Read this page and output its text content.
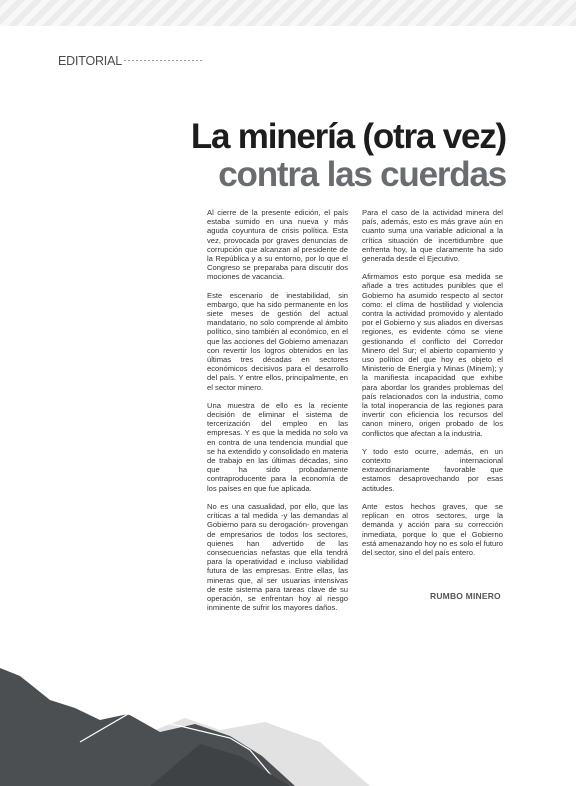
EDITORIAL
La minería (otra vez)
contra las cuerdas

Al cierre de la presente edición, el país estaba sumido en una nueva y más aguda coyuntura de crisis política. Esta vez, provocada por graves denuncias de corrupción que alcanzan al presidente de la República y a su entorno, por lo que el Congreso se preparaba para discutir dos mociones de vacancia.

Este escenario de inestabilidad, sin embargo, que ha sido permanente en los siete meses de gestión del actual mandatario, no solo comprende al ámbito político, sino también al económico, en el que las acciones del Gobierno amenazan con revertir los logros obtenidos en las últimas tres décadas en sectores económicos decisivos para el desarrollo del país. Y entre ellos, principalmente, en el sector minero.

Una muestra de ello es la reciente decisión de eliminar el sistema de tercerización del empleo en las empresas. Y es que la medida no solo va en contra de una tendencia mundial que se ha extendido y consolidado en materia de trabajo en las últimas décadas, sino que ha sido probadamente contraproducente para la economía de los países en que fue aplicada.

No es una casualidad, por ello, que las críticas a tal medida -y las demandas al Gobierno para su derogación- provengan de empresarios de todos los sectores, quienes han advertido de las consecuencias nefastas que ella tendrá para la operatividad e incluso viabilidad futura de las empresas. Entre ellas, las mineras que, al ser usuarias intensivas de este sistema para tareas clave de su operación, se enfrentan hoy al riesgo inminente de sufrir los mayores daños.

Para el caso de la actividad minera del país, además, esto es más grave aún en cuanto suma una variable adicional a la crítica situación de incertidumbre que enfrenta hoy, la que claramente ha sido generada desde el Ejecutivo.

Afirmamos esto porque esa medida se añade a tres actitudes punibles que el Gobierno ha asumido respecto al sector como: el clima de hostilidad y violencia contra la actividad promovido y alentado por el Gobierno y sus aliados en diversas regiones, es evidente cómo se viene gestionando el conflicto del Corredor Minero del Sur; el abierto copamiento y uso político del que hoy es objeto el Ministerio de Energía y Minas (Minem); y la manifiesta incapacidad que exhibe para abordar los grandes problemas del país relacionados con la industria, como la total inoperancia de las regiones para invertir con eficiencia los recursos del canon minero, origen probado de los conflictos que afectan a la industria.

Y todo esto ocurre, además, en un contexto internacional extraordinariamente favorable que estamos desaprovechando por esas actitudes.

Ante estos hechos graves, que se replican en otros sectores, urge la demanda y acción para su corrección inmediata, porque lo que el Gobierno está amenazando hoy no es solo el futuro del sector, sino el del país entero.

RUMBO MINERO
